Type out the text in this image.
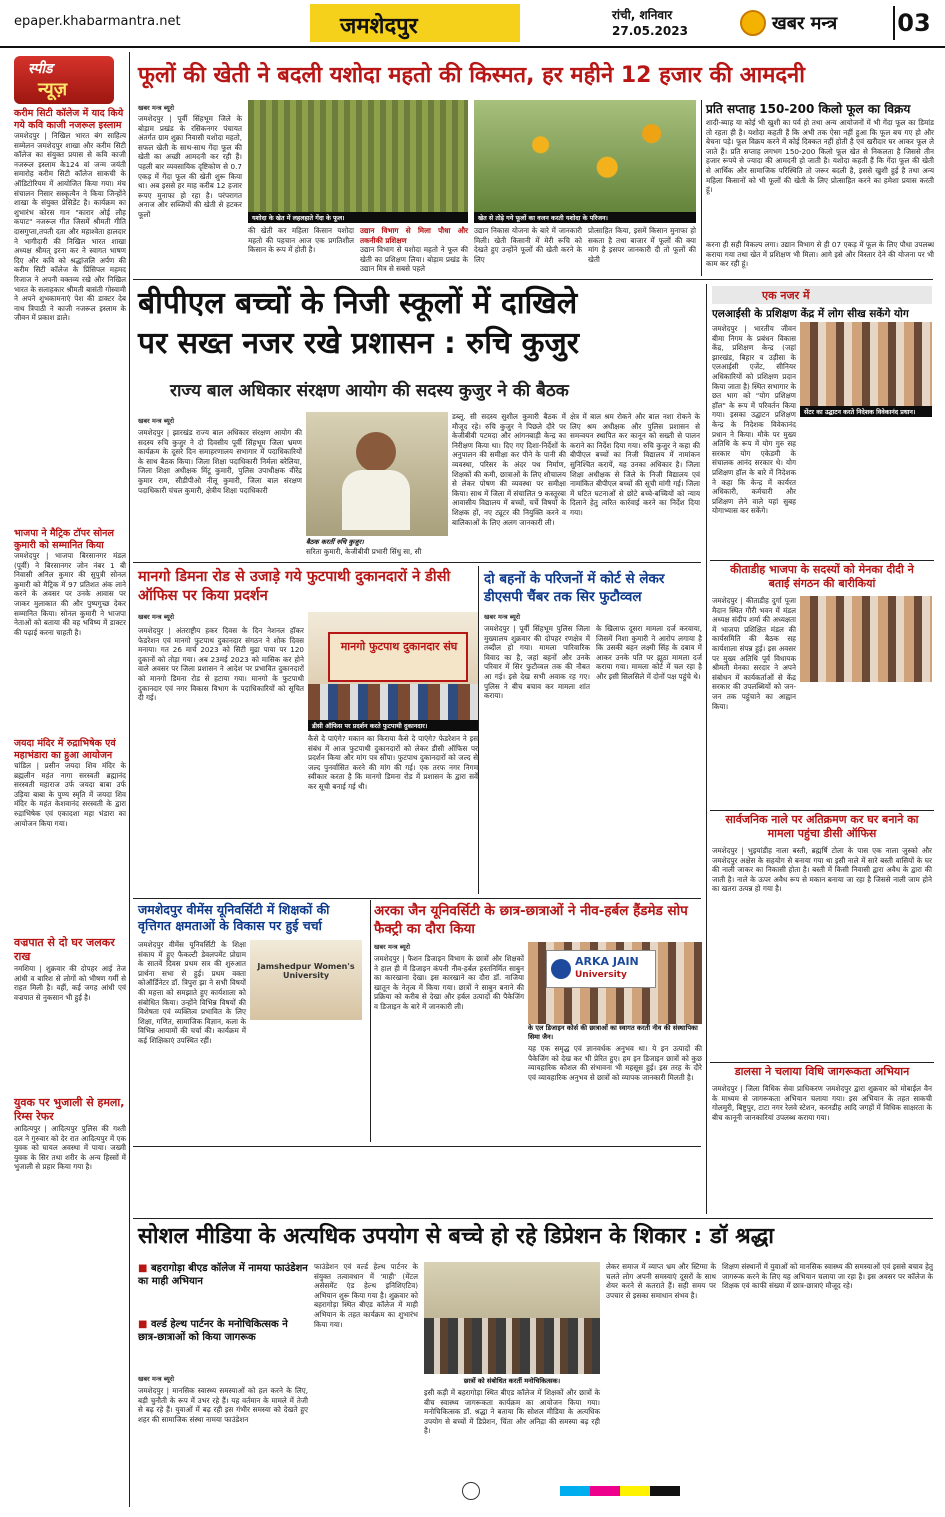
epaper.khabarmantra.net	जमशेदपुर	रांची, शनिवार
27.05.2023	खबर मन्त्र	03
स्पीड
न्यूज़
करीम सिटी कॉलेज में याद किये गये कवि काजी नजरूल इस्लाम
जमशेदपुर | निखिल भारत बंग साहित्य सम्मेलन जमशेदपुर शाखा और करीम सिटी कॉलेज का संयुक्त प्रयास से कवि काजी नजरूल इस्लाम के124 वां जन्म जयंती समारोह करीम सिटी कॉलेज साकची के ऑडिटोरियम में आयोजित किया गया। मंच संचालन निसार सस्कृत्यैन ने किया जिन्होंने शाखा के संयुक्त प्रेसिडेंट है। कार्यक्रम का शुभारंभ कोरस गान "कारार ओई लौह कपाट" नजरूल गीत जिसमें श्रीमती गीति दासगुप्ता,तपती दता और महाश्वेता हालदार ने भागीदारी की निखिल भारत शाखा अध्यक्ष श्रीमत् इरना कर ने स्वागत भाषण दिए और कवि को श्रद्धांजलि अर्पण की करीम सिटी कॉलेज के प्रिंसिपल महमद रिजाज ने अपनी वक्तव्य रखे और निखिल भारत के सलाहकार श्रीमती बासंती गोस्वामी ने अपने शुभकामनाएं पेश की डाक्टर देब नाथ त्रिपाठी ने काजी नजरूल इस्लाम के जीवन में प्रकाश डाले।
भाजपा ने मैट्रिक टॉपर सोनल कुमारी को सम्मानित किया
जमशेदपुर | भाजपा बिरसानगर मंडल (पूर्वी) ने बिरसानगर जोन नंबर 1 बी निवासी अनिल कुमार की सुपुत्री सोनल कुमारी को मैट्रिक में 97 प्रतिशत अंक लाने करने के अवसर पर उनके आवास पर जाकर मुलाकात की और पुष्पगुच्छ देकर सम्मानित किया। सोनल कुमारी ने भाजपा नेताओं को बताया की वह भविष्य में डाक्टर की पढ़ाई करना चाहती है।
जयदा मंदिर में रुद्राभिषेक एवं महाभंडारा का हुआ आयोजन
चांडिल | प्रसीन जयदा शिव मंदिर के ब्रह्मलीन महंत नागा सरस्वती ब्रह्मानंद सरस्वती महाराज उर्फ जयदा बाबा उर्फ उड़िया बाबा के पुण्य स्मृति में जयदा शिव मंदिर के महंत केशवानंद सरस्वती के द्वारा रुद्राभिषेक एवं एकादशा महा भंडारा का आयोजन किया गया।
वज्रपात से दो घर जलकर राख
नमशिया | शुक्रवार की दोपहर आई तेज आंधी व बारिश से लोगों को भीषण गर्मी से राहत मिली है। वहीं, कई जगह आंधी एवं वज्रपात से नुकसान भी हुई है।
युवक पर भुजाली से हमला, रिम्स रेफर
आदित्यपुर | आदित्यपुर पुलिस की गश्ती दल ने गुरुवार को देर रात आदित्यपुर में एक युवक को घायल अवस्था में पाया। जख्मी युवक के सिर तथा शरीर के अन्य हिस्सों में भुजाली से प्रहार किया गया है।
फूलों की खेती ने बदली यशोदा महतो की किस्मत, हर महीने 12 हजार की आमदनी
खबर मन्त्र ब्यूरो
जमशेदपुर | पूर्वी सिंहभूम जिले के बोड़ाम प्रखंड के रसिकनगर पंचायत अंतर्गत ग्राम शुक्रा निवासी यशोदा महतो, सफल खेती के साथ-साथ गेंदा फूल की खेती का अच्छी आमदनी कर रही हैं। पहली बार व्यवसायिक दृष्टिकोण से 0.7 एकड़ में गेंदा फूल की खेती शुरू किया था। अब इससे हर माह करीब 12 हजार रूपए मुनाफा हो रहा है। परंपरागत अनाज और सब्जियों की खेती से हटकर फूलों	यशोदा के खेत में लहलहाते गेंदा के फूल।
की खेती कर महिला किसान यशोदा महतो की पहचान आज एक प्रगतिशील किसान के रूप में होती है।
उद्यान विभाग से मिला पौधा और तकनीकी प्रशिक्षण
उद्यान विभाग से यशोदा महतो ने फूल की खेती का प्रशिक्षण लिया। बोड़ाम प्रखंड के उद्यान मित्र से सबसे पहले
खेत से तोड़े गये फूलों का वजन करती यशोदा के परिजन।
उद्यान निकास योजना के बारे में जानकारी मिली। खेती किसानी में मेरी रूचि को देखते हुए उन्होंने फूलों की खेती करने के लिए
प्रोत्साहित किया, इसमें किसान मुनाफा हो सकता है तथा बाजार में फूलों की क्या मांग है इसपर जानकारी दी तो फूलों की खेती
प्रति सप्ताह 150-200 किलो फूल का विक्रय
शादी-ब्याह या कोई भी खुशी का पर्व हो तथा अन्य आयोजनों में भी गेंदा फूल का डिमांड तो रहता ही है। यशोदा कहती हैं कि अभी तक ऐसा नहीं हुआ कि फूल बच गए हो और बेचना पड़े। फूल विक्रय करने में कोई दिक्कत नहीं होती है एवं खरीदार घर आकर फूल ले जाते हैं। प्रति सप्ताह लगभग 150-200 किलो फूल खेत से निकलता है जिससे तीन हजार रूपये से ज्यादा की आमदनी हो जाती है। यशोदा कहती हैं कि गेंदा फूल की खेती से आर्थिक और सामाजिक परिस्थिति तो जरूर बदली है, इससे खुशी हुई है तथा अन्य महिला किसानों को भी फूलों की खेती के लिए प्रोत्साहित करने का हमेशा प्रयास करती हूं।
करना ही सही विकल्प लगा। उद्यान विभाग से ही 07 एकड़ में फूल के लिए पौधा उपलब्ध कराया गया तथा खेत में प्रशिक्षण भी मिला। आगे इसे और विस्तार देने की योजना पर भी काम कर रही हूं।
बीपीएल बच्चों के निजी स्कूलों में दाखिले
पर सख्त नजर रखे प्रशासन : रुचि कुजुर
राज्य बाल अधिकार संरक्षण आयोग की सदस्य कुजुर ने की बैठक
खबर मन्त्र ब्यूरो
जमशेदपुर | झारखंड राज्य बाल अधिकार संरक्षण आयोग की सदस्य रुचि कुजुर ने दो दिवसीय पूर्वी सिंहभूम जिला भ्रमण कार्यक्रम के दूसरे दिन समाहरणालय सभागार में पदाधिकारियों के साथ बैठक किया। जिला शिक्षा पदाधिकारी निर्मला बरेलिया, जिला शिक्षा अधीक्षक मिंटू कुमारी, पुलिस उपाधीक्षक वीरेंद्र कुमार राम, सीडीपीओ नीलू कुमारी, जिला बाल संरक्षण पदाधिकारी चंचल कुमारी, क्षेत्रीय शिक्षा पदाधिकारी
बैठक करतीं रुचि कुजुर।
सरिता कुमारी, केजीबीवी प्रभारी सिंधु सा, सी
डब्लू. सी सदस्य सुशील कुमारी बैठक में मौजूद रहे। रुचि कुजुर ने पिछले दौरे पर केजीबीवी पटमदा और आंगनबाड़ी केन्द्र का निरीक्षण किया था। दिए गए दिशा-निर्देशों के अनुपालन की समीक्षा कर पीने के पानी की व्यवस्था, परिसर के अंदर पथ निर्माण, शिक्षकों की कमी, छात्राओं के लिए शौचालय से लेकर पोषण की व्यवस्था पर समीक्षा किया। साथ में जिला में संचालित 9 कस्तूरबा आवासीय विद्यालय में बच्चों, चर्चे विषयों के शिक्षक हों, नए ट्यूटर की नियुक्ति करने व बालिकाओं के लिए अलग जानकारी ली।
क्षेत्र में बाल श्रम रोकने और बाल नशा रोकने के लिए श्रम अधीक्षक और पुलिस प्रशासन से समन्वयन स्थापित कर कानून को सख्ती से पालन कराने का निर्देश दिया गया। रुचि कुजुर ने कहा की बीपीएल बच्चों का निजी विद्यालय में नामांकन सुनिश्चित करायें, यह उनका अधिकार है। जिला शिक्षा अधीक्षक से जिले के निजी विद्यालय एवं नामांकित बीपीएल बच्चों की सूची मांगी गई। जिला में घटित घटनाओं से छोटे बच्चे-बच्चियों को न्याय दिलाने हेतु त्वरित कार्रवाई करने का निर्देश दिया गया।
एक नजर में
एलआईसी के प्रशिक्षण केंद्र में लोग सीख सकेंगे योग
सेंटर का उद्घाटन करते निदेशक विवेकानंद प्रधान।
जमशेदपुर | भारतीय जीवन बीमा निगम के प्रबंधन विकास केंद्र, प्रशिक्षण केन्द्र (जहां झारखंड, बिहार व उड़ीसा के एलआईसी एजेंट, सीनियर अधिकारियों को प्रशिक्षण प्रदान किया जाता है) स्थित सभागार के छत भाग को "योग प्रशिक्षण हॉल" के रूप में परिवर्तन किया गया। इसका उद्घाटन प्रशिक्षण केन्द्र के निदेशक विवेकानंद प्रधान ने किया। मौके पर मुख्य अतिथि के रूप में योग गुरु सह सरकार योग एकेडमी के संचालक आनंद सरकार थे। योग प्रशिक्षण हॉल के बारे में निदेशक ने कहा कि केन्द्र में कार्यरत अधिकारी, कर्मचारी और प्रशिक्षण लेने वाले यहां सुबह योगाभ्यास कर सकेंगे।
कीताडीह भाजपा के सदस्यों को मेनका दीदी ने बताई संगठन की बारीकियां
जमशेदपुर | कीताडीह दुर्गा पूजा मैदान स्थित गौरी भवन में मंडल अध्यक्ष संदीप शर्मा की अध्यक्षता में भाजपा प्रशिक्षित मंडल की कार्यसमिति की बैठक सह कार्यशाला संपन्न हुई। इस अवसर पर मुख्य अतिथि पूर्व विधायक श्रीमती मेनका सरदार ने अपने संबोधन में कार्यकर्ताओं से केंद्र सरकार की उपलब्धियों को जन-जन तक पहुंचाने का आह्वान किया।
सार्वजनिक नाले पर अतिक्रमण कर घर बनाने का मामला पहुंचा डीसी ऑफिस
जमशेदपुर | भुइयांडीह नाला बस्ती, ब्रह्मर्षि टोला के पास एक नाला जुस्को और जमशेदपुर अक्षेस के सहयोग से बनाया गया था इसी नाले में सारे बस्ती वासियों के घर की नाली जाकर का निकासी होता है। बस्ती में किसी निवासी द्वारा अवैध के द्वारा की जाती है। नाले के ऊपर अवैध रूप से मकान बनाया जा रहा है जिससे नाली जाम होने का खतरा उत्पन्न हो गया है।
डालसा ने चलाया विधि जागरूकता अभियान
जमशेदपुर | जिला विधिक सेवा प्राधिकरण जमशेदपुर द्वारा शुक्रवार को मोबाईल वैन के माध्यम से जागरूकता अभियान चलाया गया। इस अभियान के तहत साकची गोलमुरी, बिष्टुपुर, टाटा नगर रेलवे स्टेशन, करनडीह आदि जगहों में विधिक साक्षरता के बीच कानूनी जानकारियां उपलब्ध कराया गया।
मानगो डिमना रोड से उजाड़े गये फुटपाथी दुकानदारों ने डीसी ऑफिस पर किया प्रदर्शन
खबर मन्त्र ब्यूरो
जमशेदपुर | अंतराष्ट्रीय हकर दिवस के दिन नेशनल हॉकर फेडरेशन एवं मानगो फुटपाथ दुकानदार संगठन ने शोक दिवस मनाया। गत 26 मार्च 2023 को सिटी मुद्रा पाया पर 120 दुकानों को तोड़ा गया। अब 23मई 2023 को मासिक कर होने वाले अवसर पर जिला प्रशासन ने आदेश पर प्रभावित दुकानदारों को मानगो डिमना रोड से हटाया गया। मानगो के फुटपाथी दुकानदार एवं नगर विकास विभाग के पदाधिकारियों को सूचित दी गई।
मानगो फुटपाथ दुकानदार संघ
डीसी ऑफिस पर प्रदर्शन करते फुटपाथी दुकानदार।
कैसे दे पाएंगे? मकान का किराया कैसे दे पाएंगे? फेडरेशन ने इस संबंध में आज फुटपाथी दुकानदारों को लेकर डीसी ऑफिस पर प्रदर्शन किया और मांग पत्र सौंपा। फुटपाथ दुकानदारों को जल्द से जल्द पुनर्वासित करने की मांग की गई। एक तरफ नगर निगम स्वीकार करता है कि मानगो डिमना रोड में प्रशासन के द्वारा सर्वे कर सूची बनाई गई थी।
दो बहनों के परिजनों में कोर्ट से लेकर डीएसपी चैंबर तक सिर फुटौव्वल
खबर मन्त्र ब्यूरो
जमशेदपुर | पूर्वी सिंहभूम पुलिस जिला मुख्यालय शुक्रवार की दोपहर रणक्षेत्र में तब्दील हो गया। मामला पारिवारिक विवाद का है, जहां बहनों और उनके परिवार में सिर फुटौव्वल तक की नौबत आ गई। इसे देख सभी अवाक रह गए। पुलिस ने बीच बचाव कर मामला शांत कराया।
के खिलाफ दूसरा मामला दर्ज करवाया, जिसमें निशा कुमारी ने आरोप लगाया है कि उसकी बहन लक्ष्मी सिंह के दबाव में आकर उनके पति पर झूठा मामला दर्ज कराया गया। मामला कोर्ट में चल रहा है और इसी सिलसिले में दोनों पक्ष पहुंचे थे।
जमशेदपुर वीमेंस यूनिवर्सिटी में शिक्षकों की वृत्तिगत क्षमताओं के विकास पर हुई चर्चा
Jamshedpur Women's University
जमशेदपुर वीमेंस यूनिवर्सिटी के शिक्षा संकाय में हुए फैकल्टी डेवलपमेंट प्रोग्राम के सातवें दिवस प्रथम सत्र की शुरुआत प्रार्थना सभा से हुई। प्रथम वक्ता कोऑर्डिनेटर डॉ. त्रिपुरा झा ने सभी विषयों की महत्ता को समझाते हुए कार्यशाला को संबोधित किया। उन्होंने विभिन्न विषयों की विशेषता एवं व्यक्तित्व प्रभावित के लिए शिक्षा, गणित, सामाजिक विज्ञान, कला के विभिन्न आयामों की चर्चा की। कार्यक्रम में कई शिक्षिकाएं उपस्थित रहीं।
अरका जैन यूनिवर्सिटी के छात्र-छात्राओं ने नीव-हर्बल हैंडमेड सोप फैक्ट्री का दौरा किया
खबर मन्त्र ब्यूरो
जमशेदपुर | फैशन डिजाइन विभाग के छात्रों और शिक्षकों ने हाल ही में डिजाइन कंपनी नीव-हर्बल हस्तनिर्मित साबुन का कारखाना देखा। इस कारखाने का दौरा डॉ. नाजिया खातून के नेतृत्व में किया गया। छात्रों ने साबुन बनाने की प्रक्रिया को करीब से देखा और हर्बल उत्पादों की पैकेजिंग व डिजाइन के बारे में जानकारी ली।
ARKA JAIN
University
के एल डिजाइन कोर्स की छात्राओं का स्वागत करती नीव की संस्थापिका सिमा जैन।
यह एक समृद्ध एवं ज्ञानवर्धक अनुभव था। ये इन उत्पादों की पैकेजिंग को देख कर भी प्रेरित हुए। हम इन डिजाइन छात्रों को कुछ व्यावहारिक कौशल की संभावना भी महसूस हुई। इस तरह के दौरे एवं व्यावहारिक अनुभव से छात्रों को व्यापक जानकारी मिलती है।
सोशल मीडिया के अत्यधिक उपयोग से बच्चे हो रहे डिप्रेशन के शिकार : डॉ श्रद्धा
■ बहरागोड़ा बीएड कॉलेज में नामया फाउंडेशन का माही अभियान
■ वर्ल्ड हेल्थ पार्टनर के मनोचिकित्सक ने छात्र-छात्राओं को किया जागरूक
खबर मन्त्र ब्यूरो
जमशेदपुर | मानसिक स्वास्थ्य समस्याओं को हल करने के लिए, बड़ी चुनौती के रूप में उभर रहे हैं। यह वर्तमान के मामले में तेजी से बढ़ रहे हैं। युवाओं में बढ़ रही इस गंभीर समस्या को देखते हुए शहर की सामाजिक संस्था नामया फाउंडेशन
फाउंडेशन एवं वर्ल्ड हेल्थ पार्टनर के संयुक्त तत्वावधान में 'माही' (मेंटल असेसमेंट एंड हेल्थ इनिशिएटिव) अभियान शुरू किया गया है। शुक्रवार को बहरागोड़ा स्थित बीएड कॉलेज में माही अभियान के तहत कार्यक्रम का शुभारंभ किया गया।
छात्रों को संबोधित करतीं मनोचिकित्सक।
इसी कड़ी में बहरागोड़ा स्थित बीएड कॉलेज में शिक्षकों और छात्रों के बीच स्वास्थ्य जागरूकता कार्यक्रम का आयोजन किया गया। मनोचिकित्सक डॉ. श्रद्धा ने बताया कि सोशल मीडिया के अत्यधिक उपयोग से बच्चों में डिप्रेशन, चिंता और अनिद्रा की समस्या बढ़ रही है।
लेकर समाज में व्याप्त भ्रम और स्टिग्मा के चलते लोग अपनी समस्याएं दूसरों के साथ शेयर करने से कतराते हैं। सही समय पर उपचार से इसका समाधान संभव है।
शिक्षण संस्थानों में युवाओं को मानसिक स्वास्थ्य की समस्याओं एवं इससे बचाव हेतु जागरूक करने के लिए यह अभियान चलाया जा रहा है। इस अवसर पर कॉलेज के शिक्षक एवं काफी संख्या में छात्र-छात्राएं मौजूद रहे।
